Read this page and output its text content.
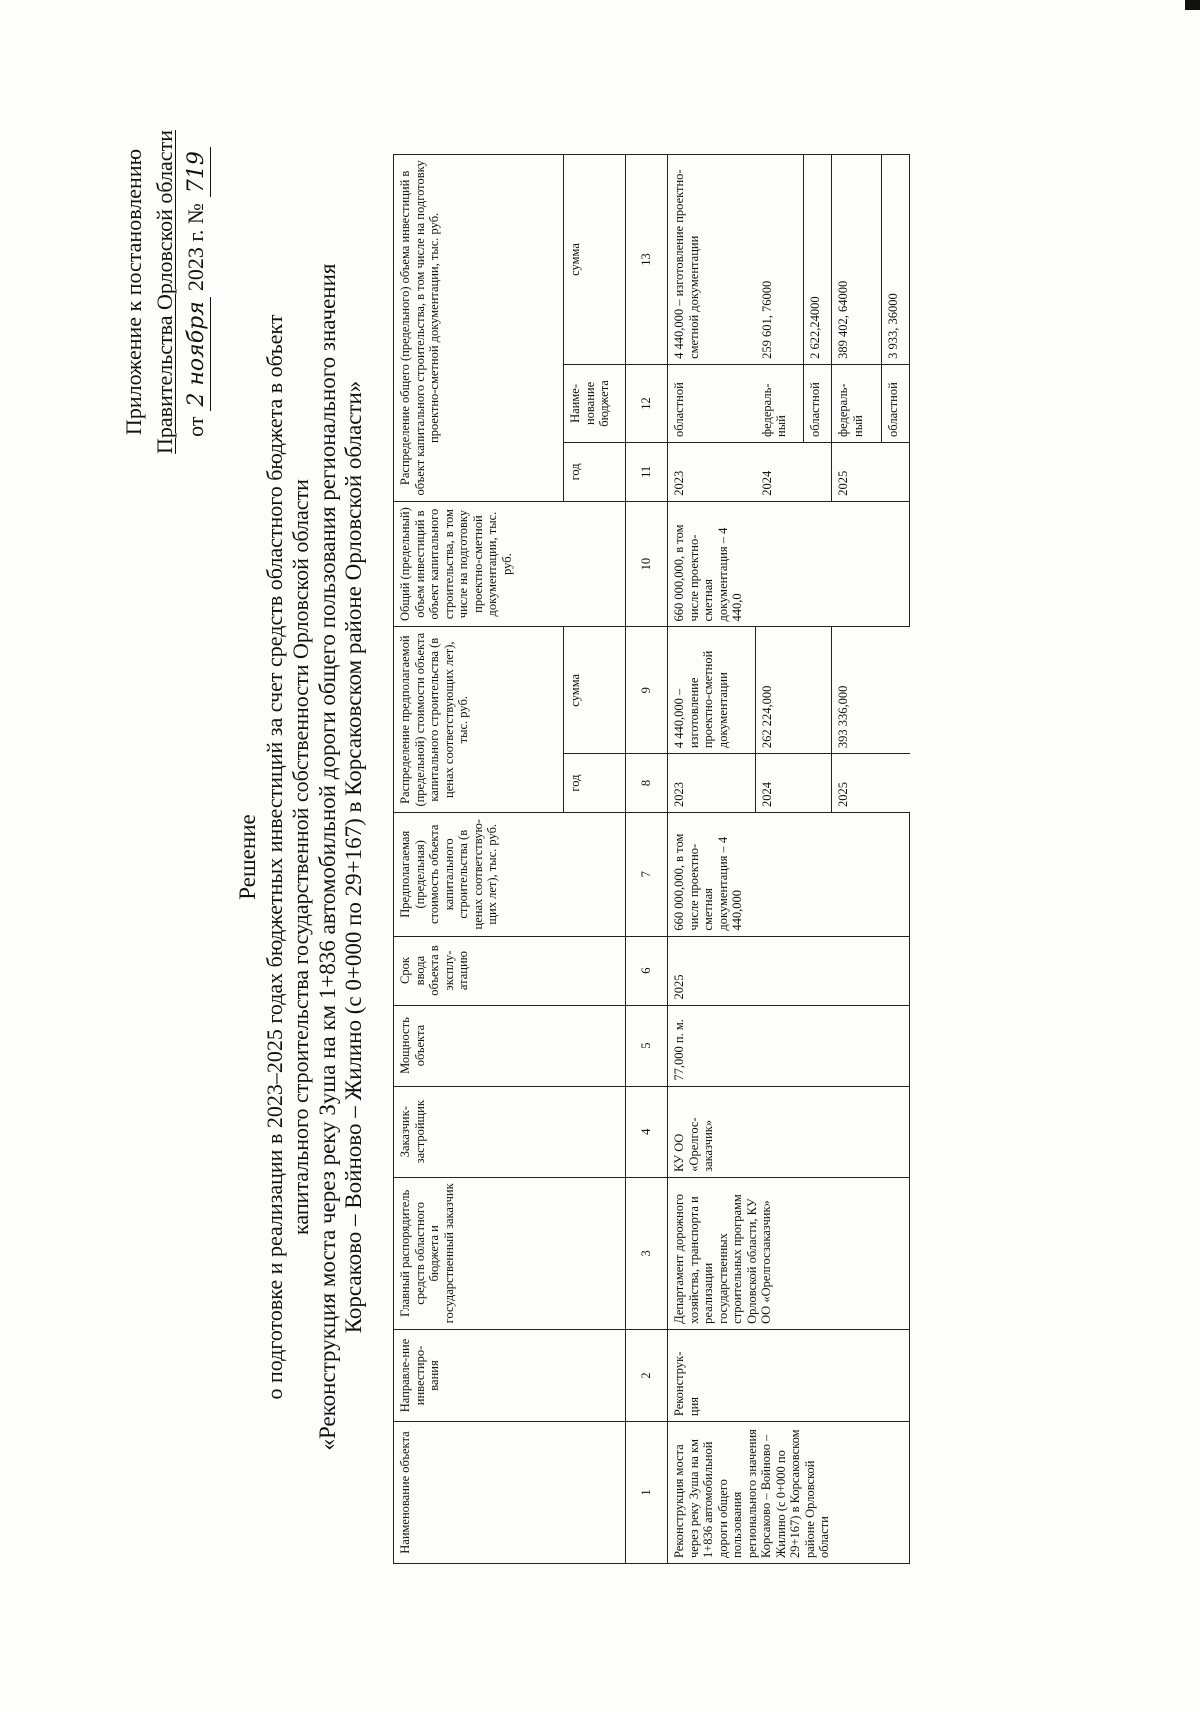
Приложение к постановлению Правительства Орловской области от
2 ноября
2023 г. №
719
Решение о подготовке и реализации в 2023–2025 годах бюджетных инвестиций за счет средств областного бюджета в объект капитального строительства государственной собственности Орловской области «Реконструкция моста через реку Зуша на км 1+836 автомобильной дороги общего пользования регионального значения Корсаково – Войново – Жилино (с 0+000 по 29+167) в Корсаковском районе Орловской области»
Наименование объекта	Направле-ние инвестиро-вания	Главный распорядитель средств областного бюджета и государственный заказчик	Заказчик-застройщик	Мощность объекта	Срок ввода объекта в эксплу-атацию	Предполагаемая (предельная) стоимость объекта капитального строительства (в ценах соответствую-щих лет), тыс. руб.	Распределение предполагаемой (предельной) стоимости объекта капитального строительства (в ценах соответствующих лет), тыс. руб.		Общий (предельный) объем инвестиций в объект капитального строительства, в том числе на подготовку проектно-сметной документации, тыс. руб.	Распределение общего (предельного) объема инвестиций в объект капитального строительства, в том числе на подготовку проектно-сметной документации, тыс. руб.		
							год	сумма		год	Наиме-нование бюджета	сумма
1	2	3	4	5	6	7	8	9	10	11	12	13
Реконструкция моста через реку Зуша на км 1+836 автомобильной дороги общего пользования регионального значения Корсаково – Войново – Жилино (с 0+000 по 29+167) в Корсаковском районе Орловской области	Реконструк-ция	Департамент дорожного хозяйства, транспорта и реализации государственных строительных программ Орловской области, КУ ОО «Орелгосзаказчик»	КУ ОО «Орелгос-заказчик»	77,000 п. м.	2025	660 000,000, в том числе проектно-сметная документация – 4 440,000	2023	4 440,000 – изготовление проектно-сметной документации	660 000,000, в том числе проектно-сметная документация – 4 440,0	2023	областной	4 440,000 – изготовление проектно-сметной документации
							2024	262 224,000		2024	федераль-ный	259 601, 76000
											областной	2 622,24000
							2025	393 336,000		2025	федераль-ный	389 402, 64000
											областной	3 933, 36000
